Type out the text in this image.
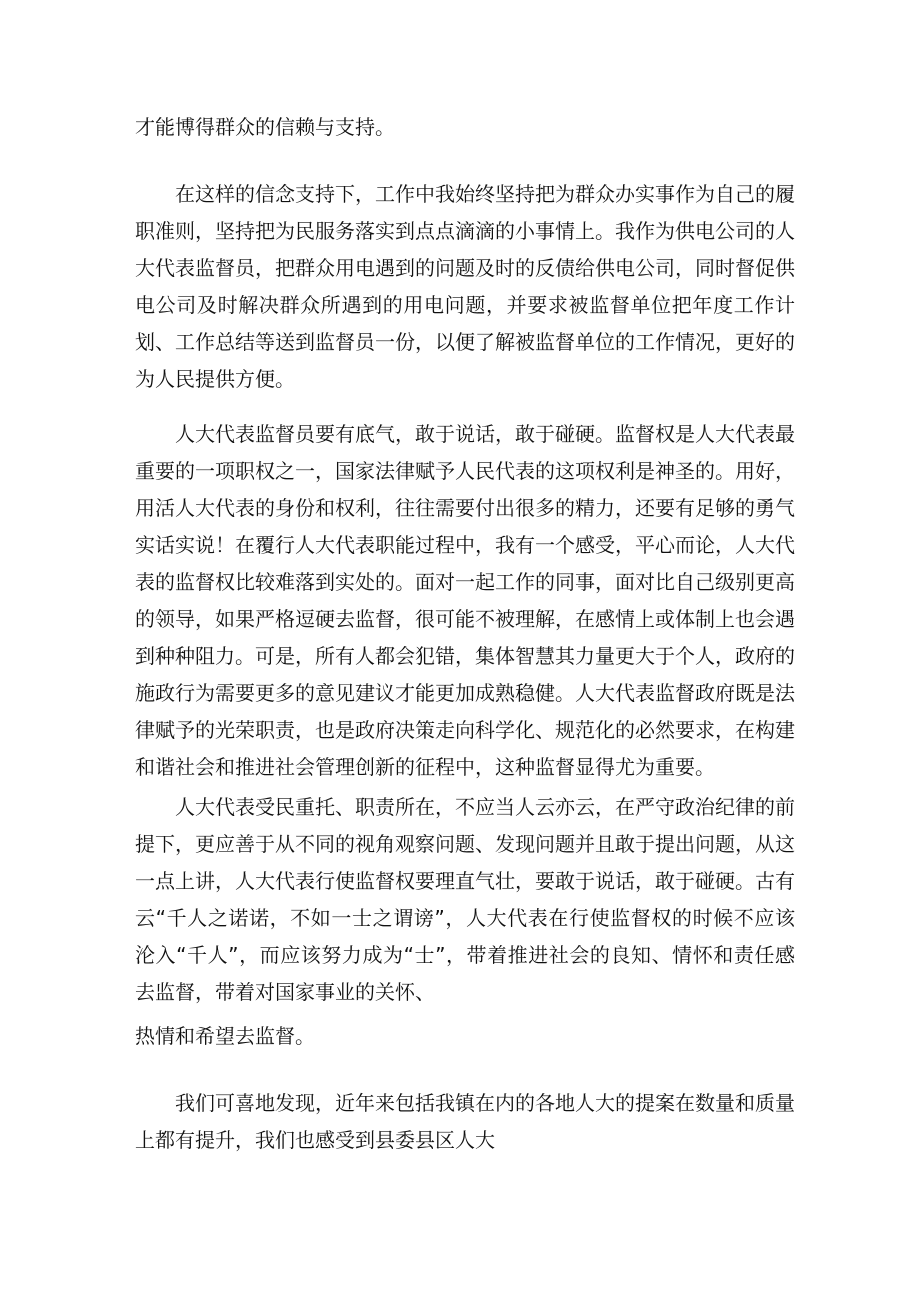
才能博得群众的信赖与支持。

在这样的信念支持下，工作中我始终坚持把为群众办实事作为自己的履职准则，坚持把为民服务落实到点点滴滴的小事情上。我作为供电公司的人大代表监督员，把群众用电遇到的问题及时的反债给供电公司，同时督促供电公司及时解决群众所遇到的用电问题，并要求被监督单位把年度工作计划、工作总结等送到监督员一份，以便了解被监督单位的工作情况，更好的为人民提供方便。

人大代表监督员要有底气，敢于说话，敢于碰硬。监督权是人大代表最重要的一项职权之一，国家法律赋予人民代表的这项权利是神圣的。用好，用活人大代表的身份和权利，往往需要付出很多的精力，还要有足够的勇气实话实说！在覆行人大代表职能过程中，我有一个感受，平心而论，人大代表的监督权比较难落到实处的。面对一起工作的同事，面对比自己级别更高的领导，如果严格逗硬去监督，很可能不被理解，在感情上或体制上也会遇到种种阻力。可是，所有人都会犯错，集体智慧其力量更大于个人，政府的施政行为需要更多的意见建议才能更加成熟稳健。人大代表监督政府既是法律赋予的光荣职责，也是政府决策走向科学化、规范化的必然要求，在构建和谐社会和推进社会管理创新的征程中，这种监督显得尤为重要。

人大代表受民重托、职责所在，不应当人云亦云，在严守政治纪律的前提下，更应善于从不同的视角观察问题、发现问题并且敢于提出问题，从这一点上讲，人大代表行使监督权要理直气壮，要敢于说话，敢于碰硬。古有云“千人之诺诺，不如一士之谓谤”，人大代表在行使监督权的时候不应该沦入“千人”，而应该努力成为“士”，带着推进社会的良知、情怀和责任感去监督，带着对国家事业的关怀、

热情和希望去监督。

我们可喜地发现，近年来包括我镇在内的各地人大的提案在数量和质量上都有提升，我们也感受到县委县区人大
